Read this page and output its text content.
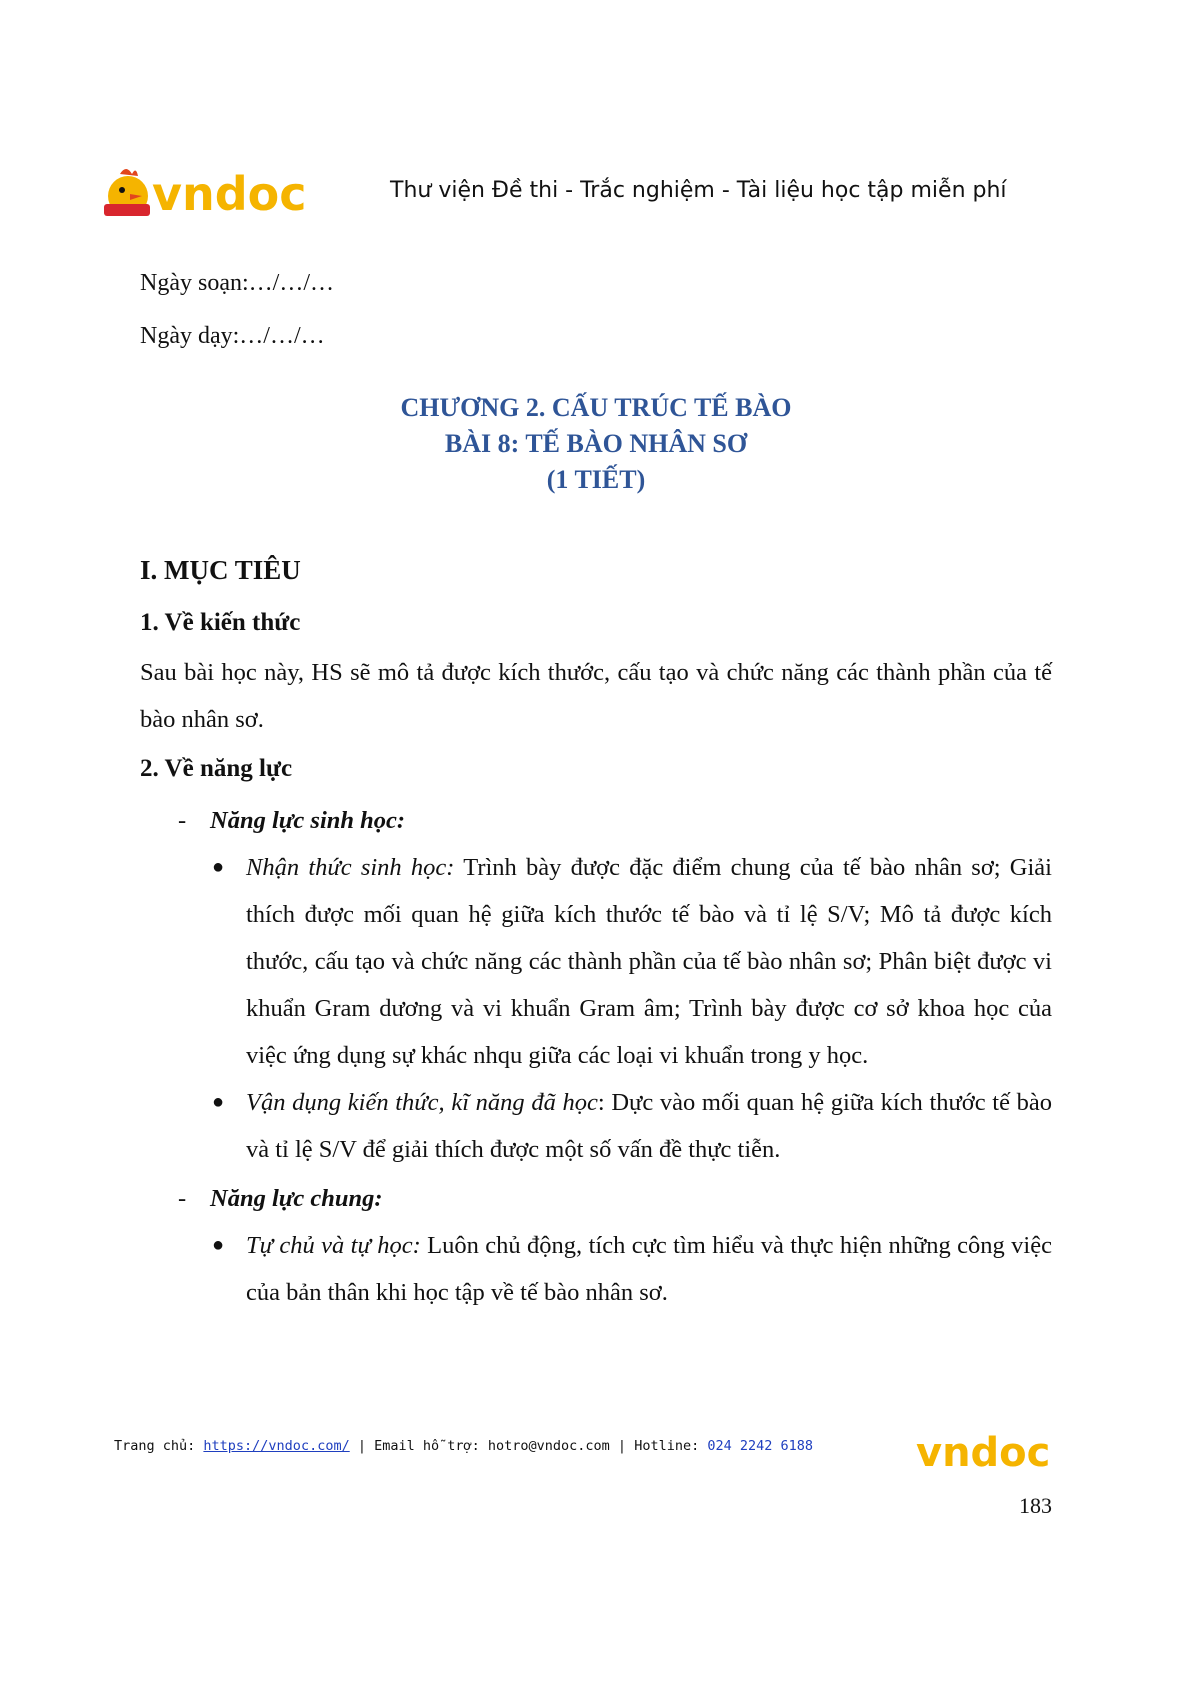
vndoc	Thư viện Đề thi - Trắc nghiệm - Tài liệu học tập miễn phí
Ngày soạn:…/…/…
Ngày dạy:…/…/…
CHƯƠNG 2. CẤU TRÚC TẾ BÀO
BÀI 8: TẾ BÀO NHÂN SƠ
(1 TIẾT)
I. MỤC TIÊU
1. Về kiến thức
Sau bài học này, HS sẽ mô tả được kích thước, cấu tạo và chức năng các thành phần của tế bào nhân sơ.
2. Về năng lực
- Năng lực sinh học:
● Nhận thức sinh học: Trình bày được đặc điểm chung của tế bào nhân sơ; Giải thích được mối quan hệ giữa kích thước tế bào và tỉ lệ S/V; Mô tả được kích thước, cấu tạo và chức năng các thành phần của tế bào nhân sơ; Phân biệt được vi khuẩn Gram dương và vi khuẩn Gram âm; Trình bày được cơ sở khoa học của việc ứng dụng sự khác nhqu giữa các loại vi khuẩn trong y học.
● Vận dụng kiến thức, kĩ năng đã học: Dực vào mối quan hệ giữa kích thước tế bào và tỉ lệ S/V để giải thích được một số vấn đề thực tiễn.
- Năng lực chung:
● Tự chủ và tự học: Luôn chủ động, tích cực tìm hiểu và thực hiện những công việc của bản thân khi học tập về tế bào nhân sơ.
Trang chủ: https://vndoc.com/ | Email hỗ trợ: hotro@vndoc.com | Hotline: 024 2242 6188	vndoc
183
